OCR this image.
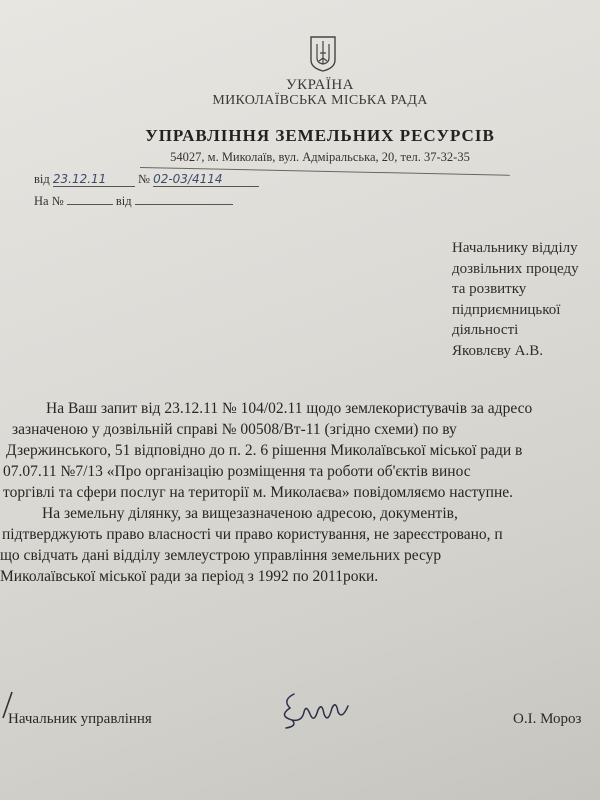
УКРАЇНА
МИКОЛАЇВСЬКА МІСЬКА РАДА
УПРАВЛІННЯ ЗЕМЕЛЬНИХ РЕСУРСІВ
54027, м. Миколаїв, вул. Адміральська, 20, тел. 37-32-35
від 23.12.11	№ 02-03/4114
На №	від
Начальнику відділу
дозвільних процеду
та розвитку
підприємницької
діяльності
Яковлєву А.В.
На Ваш запит від 23.12.11 № 104/02.11 щодо землекористувачів за адресо
зазначеною у дозвільній справі № 00508/Вт-11 (згідно схеми) по ву
Дзержинського, 51 відповідно до п. 2. 6 рішення Миколаївської міської ради в
07.07.11 №7/13 «Про організацію розміщення та роботи об'єктів винос
торгівлі та сфери послуг на території м. Миколаєва» повідомляємо наступне.
На земельну ділянку, за вищезазначеною адресою, документів,
підтверджують право власності чи право користування, не зареєстровано, п
що свідчать дані відділу землеустрою управління земельних ресур
Миколаївської міської ради за період з 1992 по 2011роки.
Начальник управління	О.І. Мороз
